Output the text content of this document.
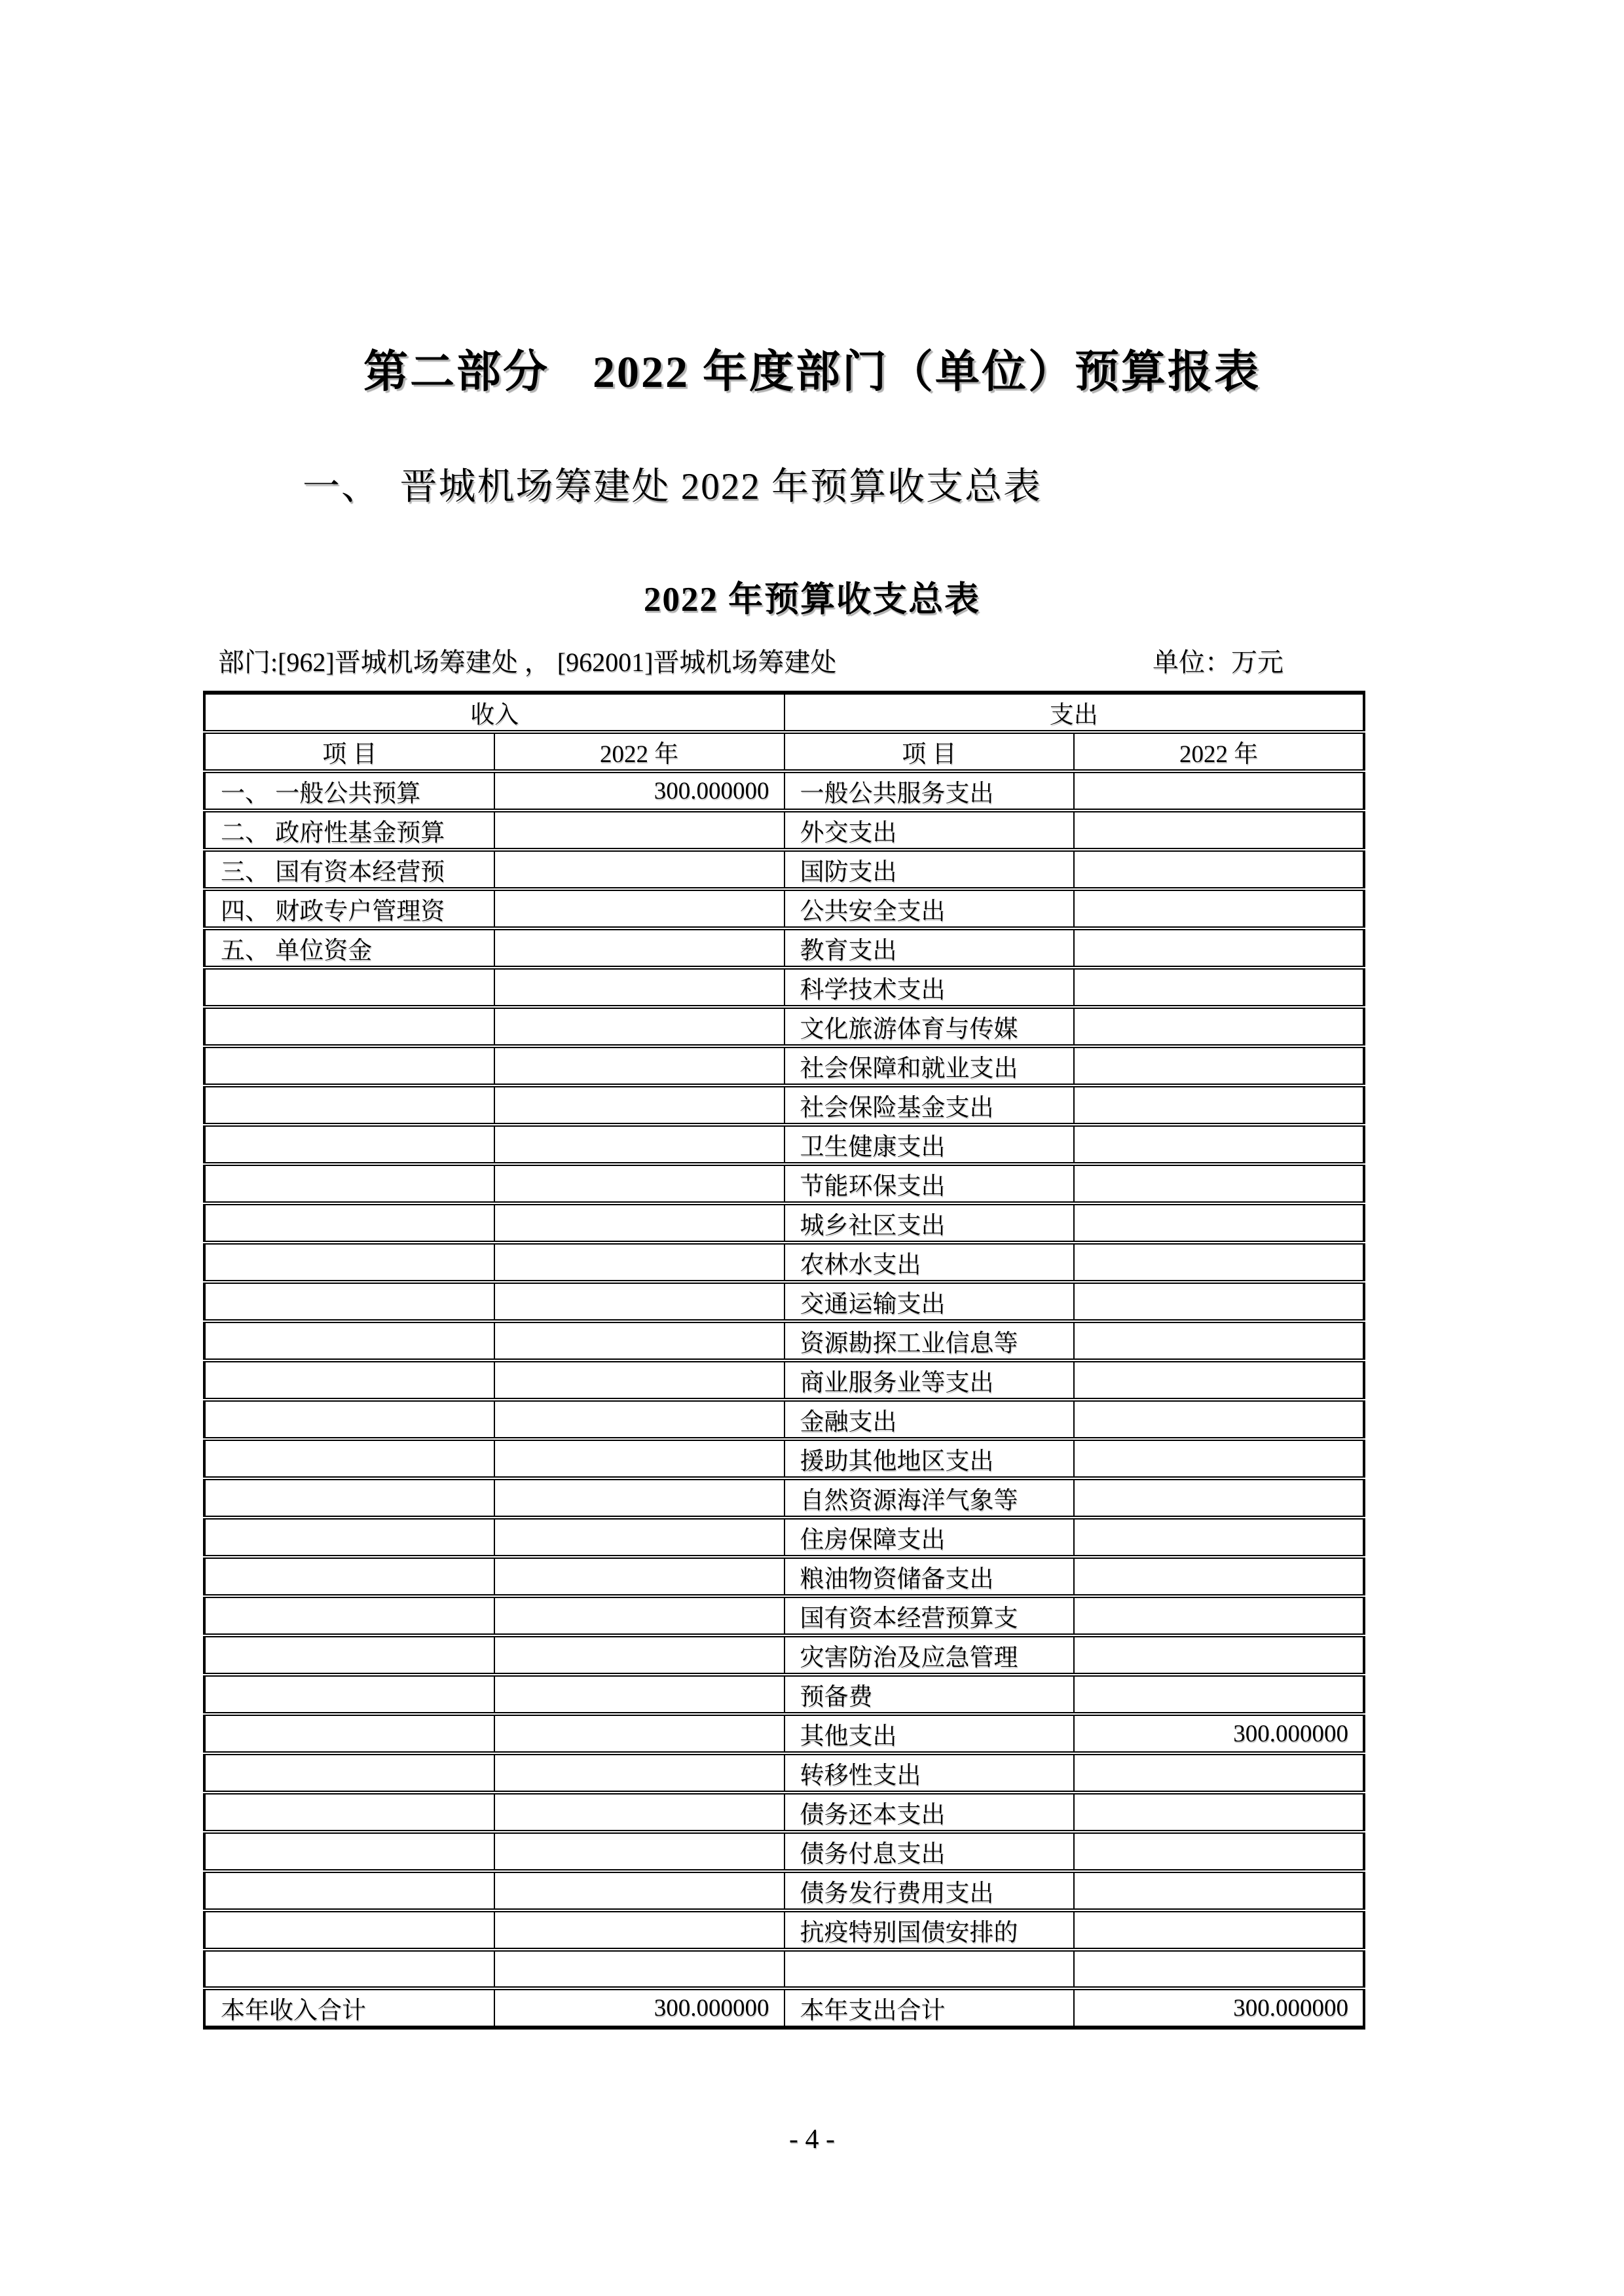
第二部分 2022 年度部门（单位）预算报表
一、　晋城机场筹建处 2022 年预算收支总表
2022 年预算收支总表
部门:[962]晋城机场筹建处 ， [962001]晋城机场筹建处	单位：万元
收入		支出	
项 目	2022 年	项 目	2022 年
一、 一般公共预算	300.000000	一般公共服务支出	
二、 政府性基金预算		外交支出	
三、 国有资本经营预		国防支出	
四、 财政专户管理资		公共安全支出	
五、 单位资金		教育支出	
		科学技术支出	
		文化旅游体育与传媒	
		社会保障和就业支出	
		社会保险基金支出	
		卫生健康支出	
		节能环保支出	
		城乡社区支出	
		农林水支出	
		交通运输支出	
		资源勘探工业信息等	
		商业服务业等支出	
		金融支出	
		援助其他地区支出	
		自然资源海洋气象等	
		住房保障支出	
		粮油物资储备支出	
		国有资本经营预算支	
		灾害防治及应急管理	
		预备费	
		其他支出	300.000000
		转移性支出	
		债务还本支出	
		债务付息支出	
		债务发行费用支出	
		抗疫特别国债安排的	

本年收入合计	300.000000	本年支出合计	300.000000
- 4 -
